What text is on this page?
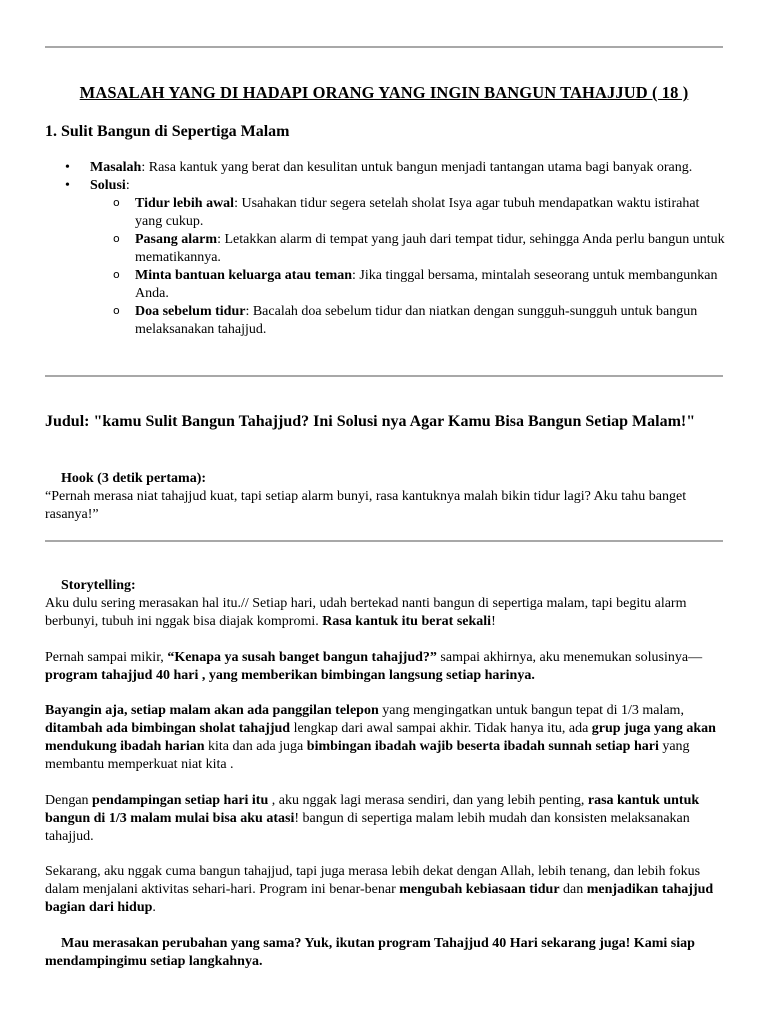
MASALAH YANG DI HADAPI ORANG YANG INGIN BANGUN TAHAJJUD ( 18 )
1. Sulit Bangun di Sepertiga Malam
• Masalah: Rasa kantuk yang berat dan kesulitan untuk bangun menjadi tantangan utama bagi banyak orang.
• Solusi:
o Tidur lebih awal: Usahakan tidur segera setelah sholat Isya agar tubuh mendapatkan waktu istirahat yang cukup.
o Pasang alarm: Letakkan alarm di tempat yang jauh dari tempat tidur, sehingga Anda perlu bangun untuk mematikannya.
o Minta bantuan keluarga atau teman: Jika tinggal bersama, mintalah seseorang untuk membangunkan Anda.
o Doa sebelum tidur: Bacalah doa sebelum tidur dan niatkan dengan sungguh-sungguh untuk bangun melaksanakan tahajjud.
Judul: "kamu Sulit Bangun Tahajjud? Ini Solusi nya Agar Kamu Bisa Bangun Setiap Malam!"
Hook (3 detik pertama):
“Pernah merasa niat tahajjud kuat, tapi setiap alarm bunyi, rasa kantuknya malah bikin tidur lagi? Aku tahu banget rasanya!”
Storytelling:

Aku dulu sering merasakan hal itu.// Setiap hari, udah bertekad nanti bangun di sepertiga malam, tapi begitu alarm berbunyi, tubuh ini nggak bisa diajak kompromi. Rasa kantuk itu berat sekali!

Pernah sampai mikir, “Kenapa ya susah banget bangun tahajjud?” sampai akhirnya, aku menemukan solusinya—program tahajjud 40 hari , yang memberikan bimbingan langsung setiap harinya.

Bayangin aja, setiap malam akan ada panggilan telepon yang mengingatkan untuk bangun tepat di 1/3 malam, ditambah ada bimbingan sholat tahajjud lengkap dari awal sampai akhir. Tidak hanya itu, ada grup juga yang akan mendukung ibadah harian kita dan ada juga bimbingan ibadah wajib beserta ibadah sunnah setiap hari yang membantu memperkuat niat kita .

Dengan pendampingan setiap hari itu , aku nggak lagi merasa sendiri, dan yang lebih penting, rasa kantuk untuk bangun di 1/3 malam mulai bisa aku atasi! bangun di sepertiga malam lebih mudah dan konsisten melaksanakan tahajjud.

Sekarang, aku nggak cuma bangun tahajjud, tapi juga merasa lebih dekat dengan Allah, lebih tenang, dan lebih fokus dalam menjalani aktivitas sehari-hari. Program ini benar-benar mengubah kebiasaan tidur dan menjadikan tahajjud bagian dari hidup.

Mau merasakan perubahan yang sama? Yuk, ikutan program Tahajjud 40 Hari sekarang juga! Kami siap mendampingimu setiap langkahnya.
